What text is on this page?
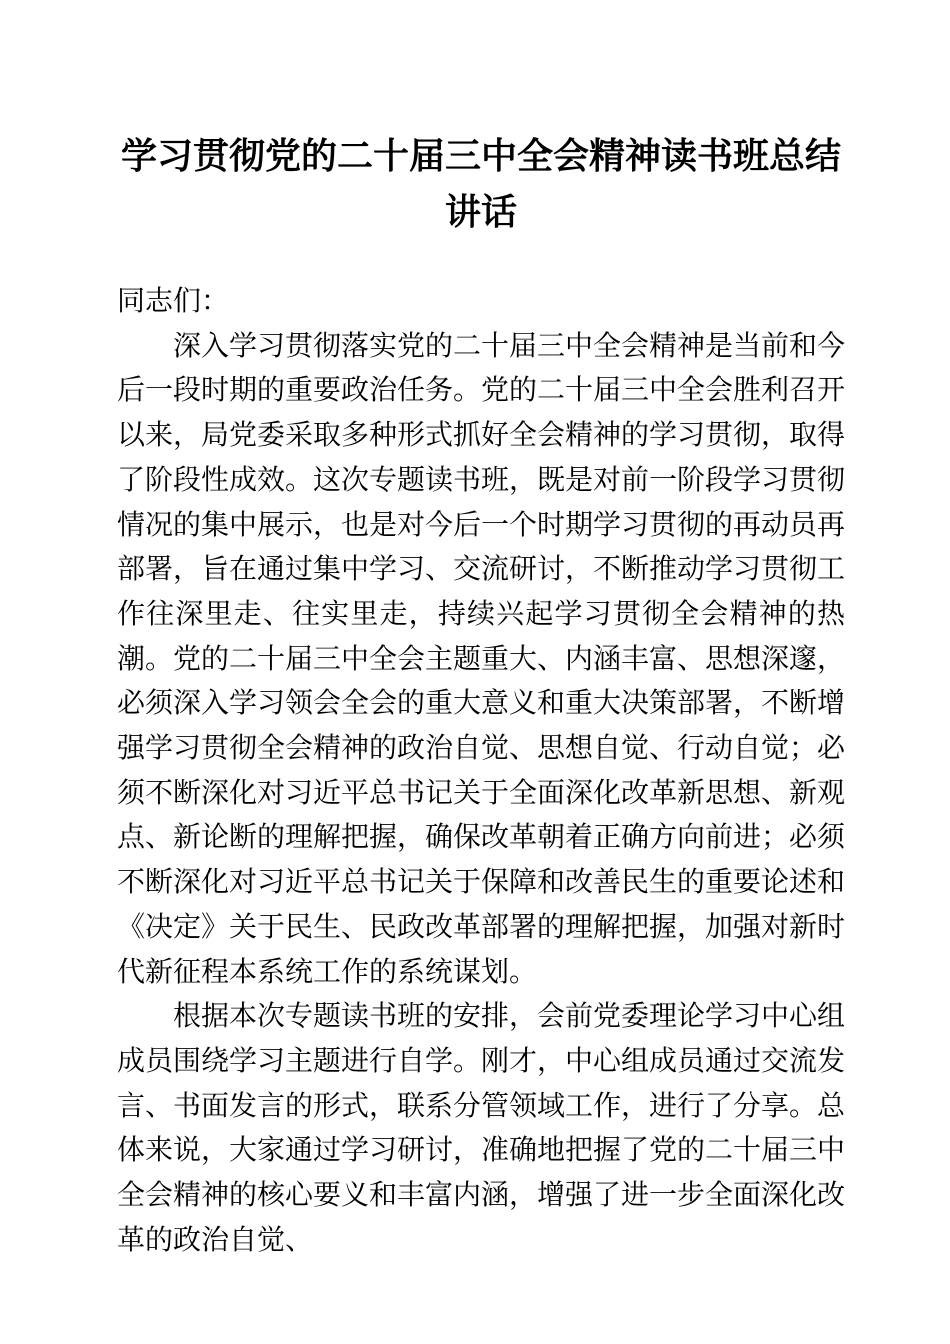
学习贯彻党的二十届三中全会精神读书班总结讲话

同志们：

深入学习贯彻落实党的二十届三中全会精神是当前和今后一段时期的重要政治任务。党的二十届三中全会胜利召开以来，局党委采取多种形式抓好全会精神的学习贯彻，取得了阶段性成效。这次专题读书班，既是对前一阶段学习贯彻情况的集中展示，也是对今后一个时期学习贯彻的再动员再部署，旨在通过集中学习、交流研讨，不断推动学习贯彻工作往深里走、往实里走，持续兴起学习贯彻全会精神的热潮。党的二十届三中全会主题重大、内涵丰富、思想深邃，必须深入学习领会全会的重大意义和重大决策部署，不断增强学习贯彻全会精神的政治自觉、思想自觉、行动自觉；必须不断深化对习近平总书记关于全面深化改革新思想、新观点、新论断的理解把握，确保改革朝着正确方向前进；必须不断深化对习近平总书记关于保障和改善民生的重要论述和《决定》关于民生、民政改革部署的理解把握，加强对新时代新征程本系统工作的系统谋划。

根据本次专题读书班的安排，会前党委理论学习中心组成员围绕学习主题进行自学。刚才，中心组成员通过交流发言、书面发言的形式，联系分管领域工作，进行了分享。总体来说，大家通过学习研讨，准确地把握了党的二十届三中全会精神的核心要义和丰富内涵，增强了进一步全面深化改革的政治自觉、
